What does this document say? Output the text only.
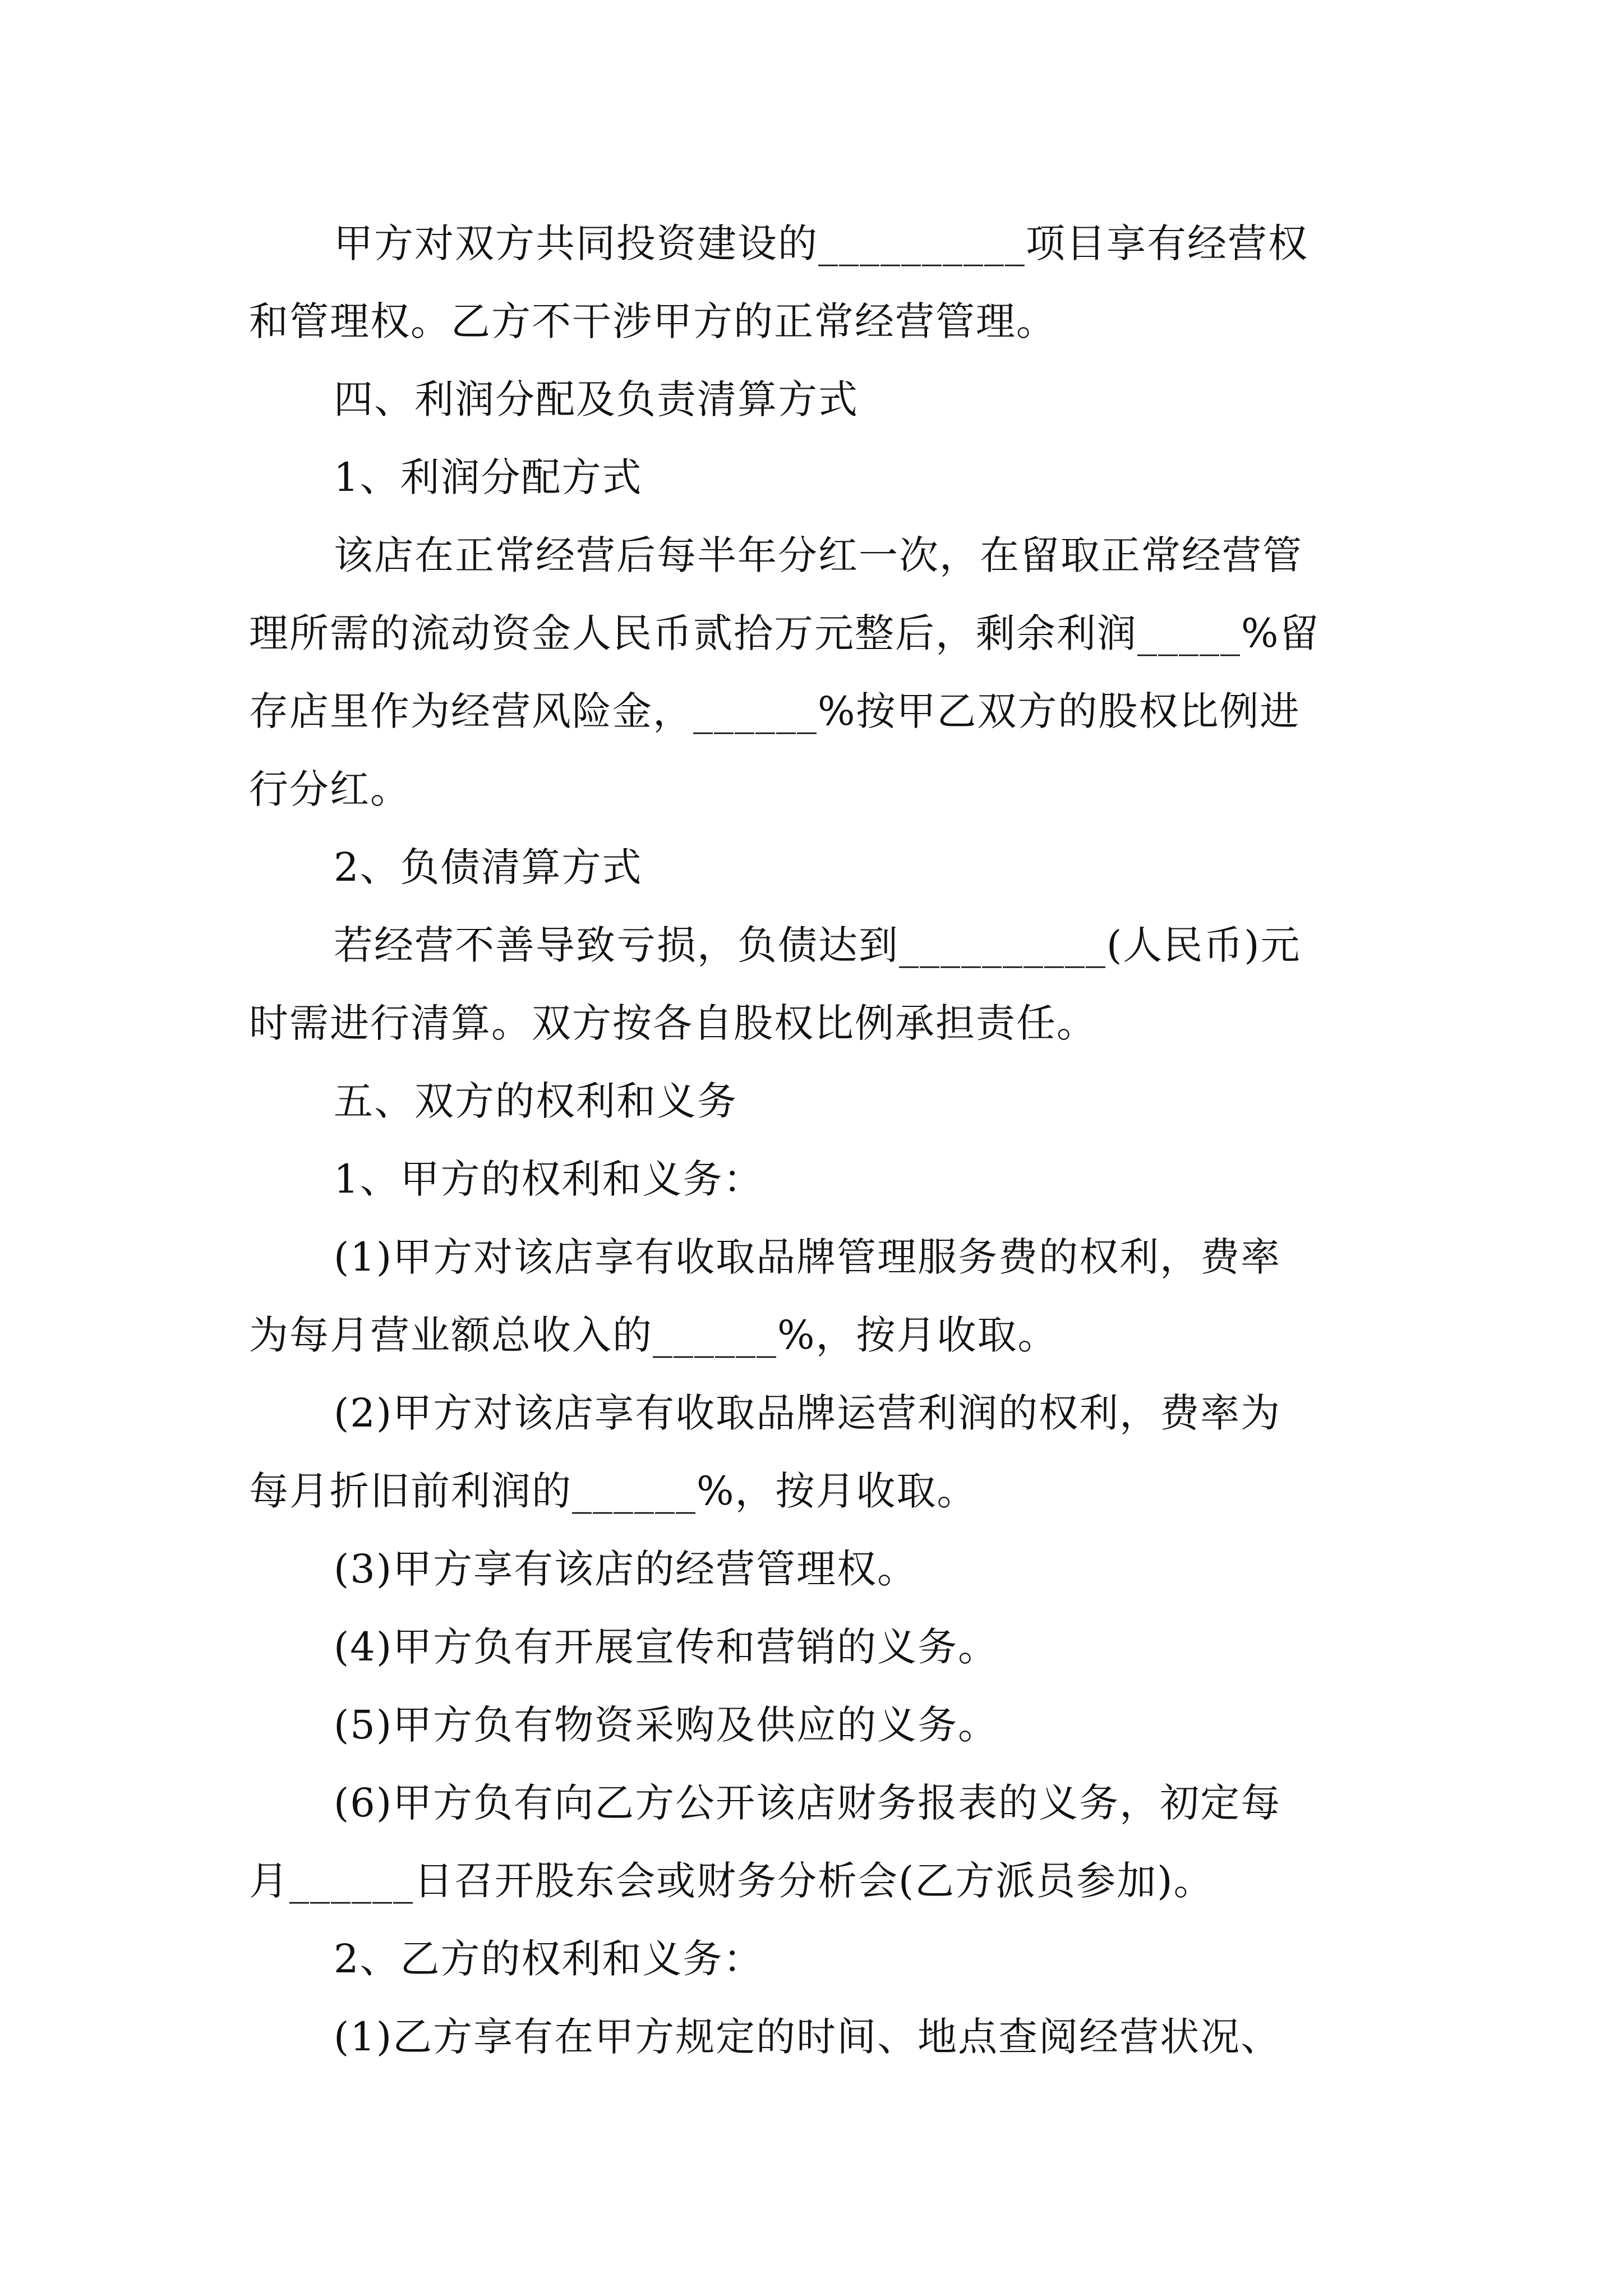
甲方对双方共同投资建设的__________项目享有经营权
和管理权。乙方不干涉甲方的正常经营管理。
四、利润分配及负责清算方式
1、利润分配方式
该店在正常经营后每半年分红一次，在留取正常经营管
理所需的流动资金人民币贰拾万元整后，剩余利润_____%留
存店里作为经营风险金，______%按甲乙双方的股权比例进
行分红。
2、负债清算方式
若经营不善导致亏损，负债达到__________(人民币)元
时需进行清算。双方按各自股权比例承担责任。
五、双方的权利和义务
1、甲方的权利和义务：
(1)甲方对该店享有收取品牌管理服务费的权利，费率
为每月营业额总收入的______%，按月收取。
(2)甲方对该店享有收取品牌运营利润的权利，费率为
每月折旧前利润的______%，按月收取。
(3)甲方享有该店的经营管理权。
(4)甲方负有开展宣传和营销的义务。
(5)甲方负有物资采购及供应的义务。
(6)甲方负有向乙方公开该店财务报表的义务，初定每
月______日召开股东会或财务分析会(乙方派员参加)。
2、乙方的权利和义务：
(1)乙方享有在甲方规定的时间、地点查阅经营状况、
